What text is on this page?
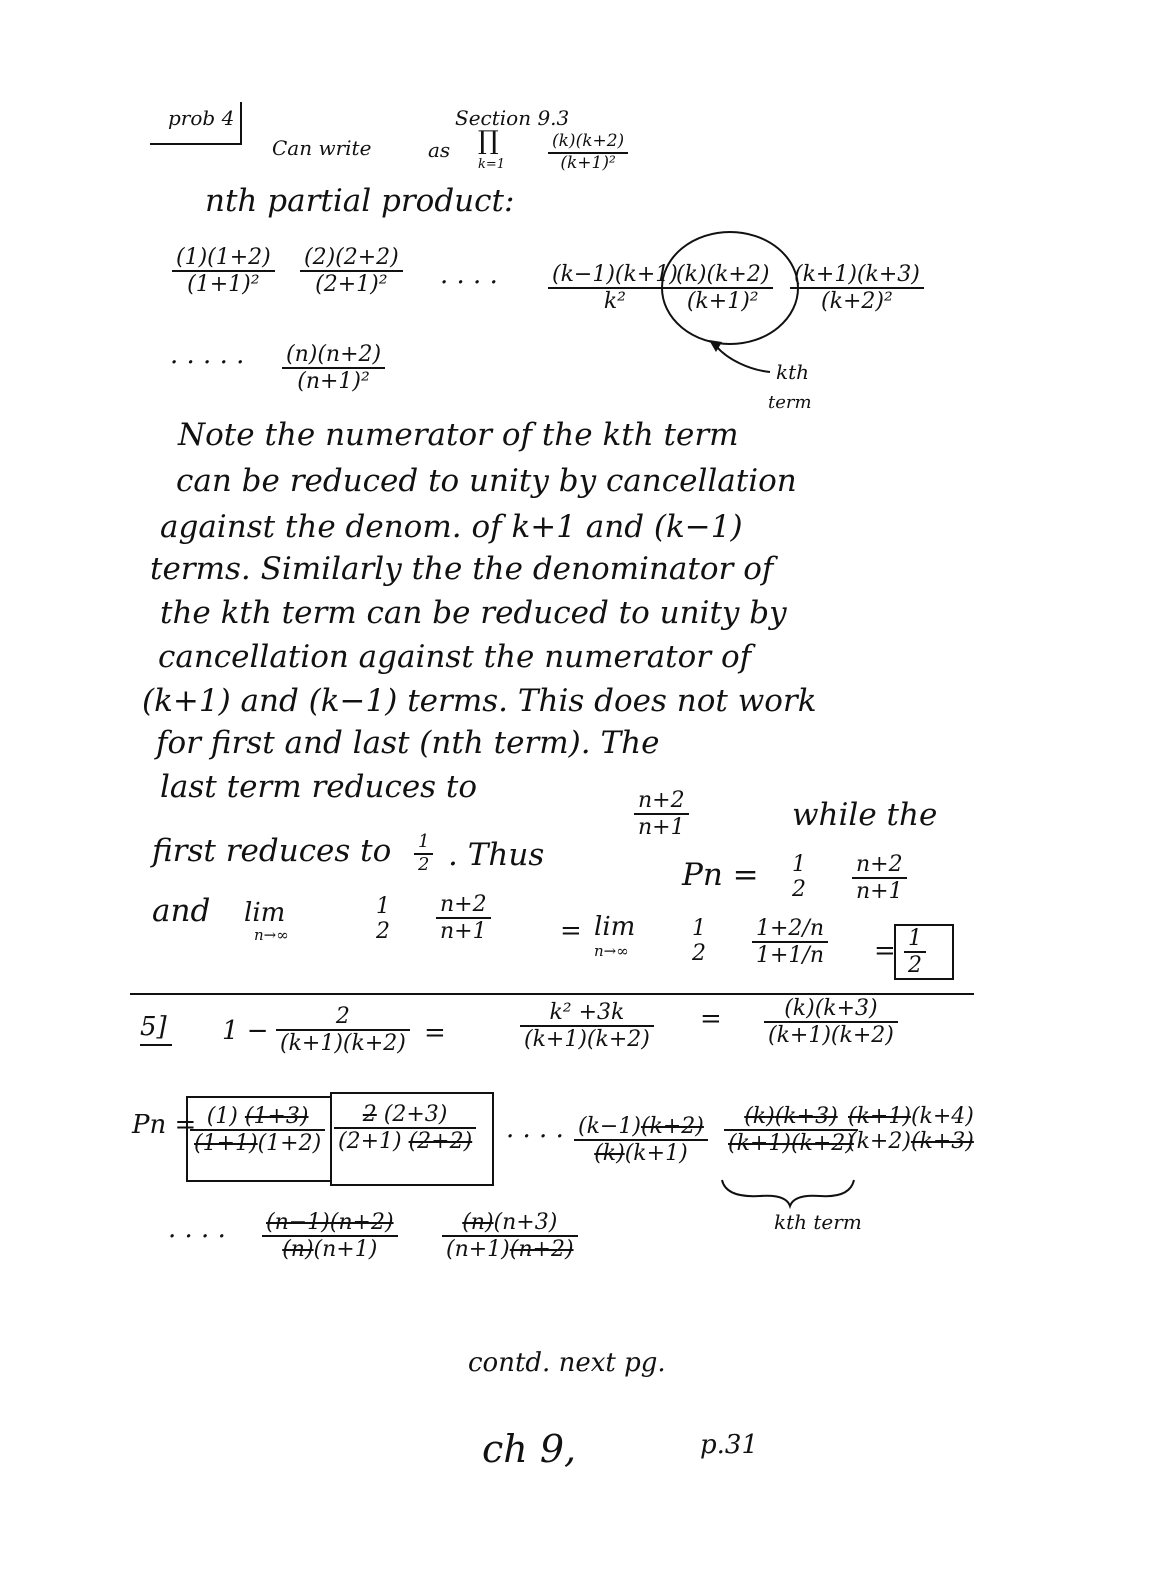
prob 4	Section 9.3
Can write	as ∏
k=1
(k)(k+2)
(k+1)²
nth partial product:
(1)(1+2)
(1+1)²
(2)(2+2)
(2+1)² · · · · (k−1)(k+1)
k²
(k)(k+2)
(k+1)²
(k+1)(k+3)
(k+2)²
kth
term
· · · · · (n)(n+2)
(n+1)²
Note the numerator of the kth term
can be reduced to unity by cancellation
against the denom. of k+1 and (k−1)
terms. Similarly the the denominator of
the kth term can be reduced to unity by
cancellation against the numerator of
(k+1) and (k−1) terms. This does not work
for first and last (nth term). The
last term reduces to	n+2
n+1	while the
first reduces to 1
2 . Thus
Pn = 1
2
n+2
n+1
and lim
n→∞
1
2
n+2
n+1	= lim
n→∞
1
2
1+2/n
1+1/n = 1
2
5] 1 −	2
(k+1)(k+2) =
k² +3k
(k+1)(k+2)
=	(k)(k+3)
(k+1)(k+2)
Pn = (1) (1+3)
(1+1)(1+2)
2 (2+3)
(2+1) (2+2) · · · · (k−1)(k+2)
(k)(k+1)
(k)(k+3)
(k+1)(k+2)
(k+1)(k+4)
(k+2)(k+3)
kth term
· · · · (n−1)(n+2)
(n)(n+1)
(n)(n+3)
(n+1)(n+2)
contd. next pg.
ch 9,	p.31
